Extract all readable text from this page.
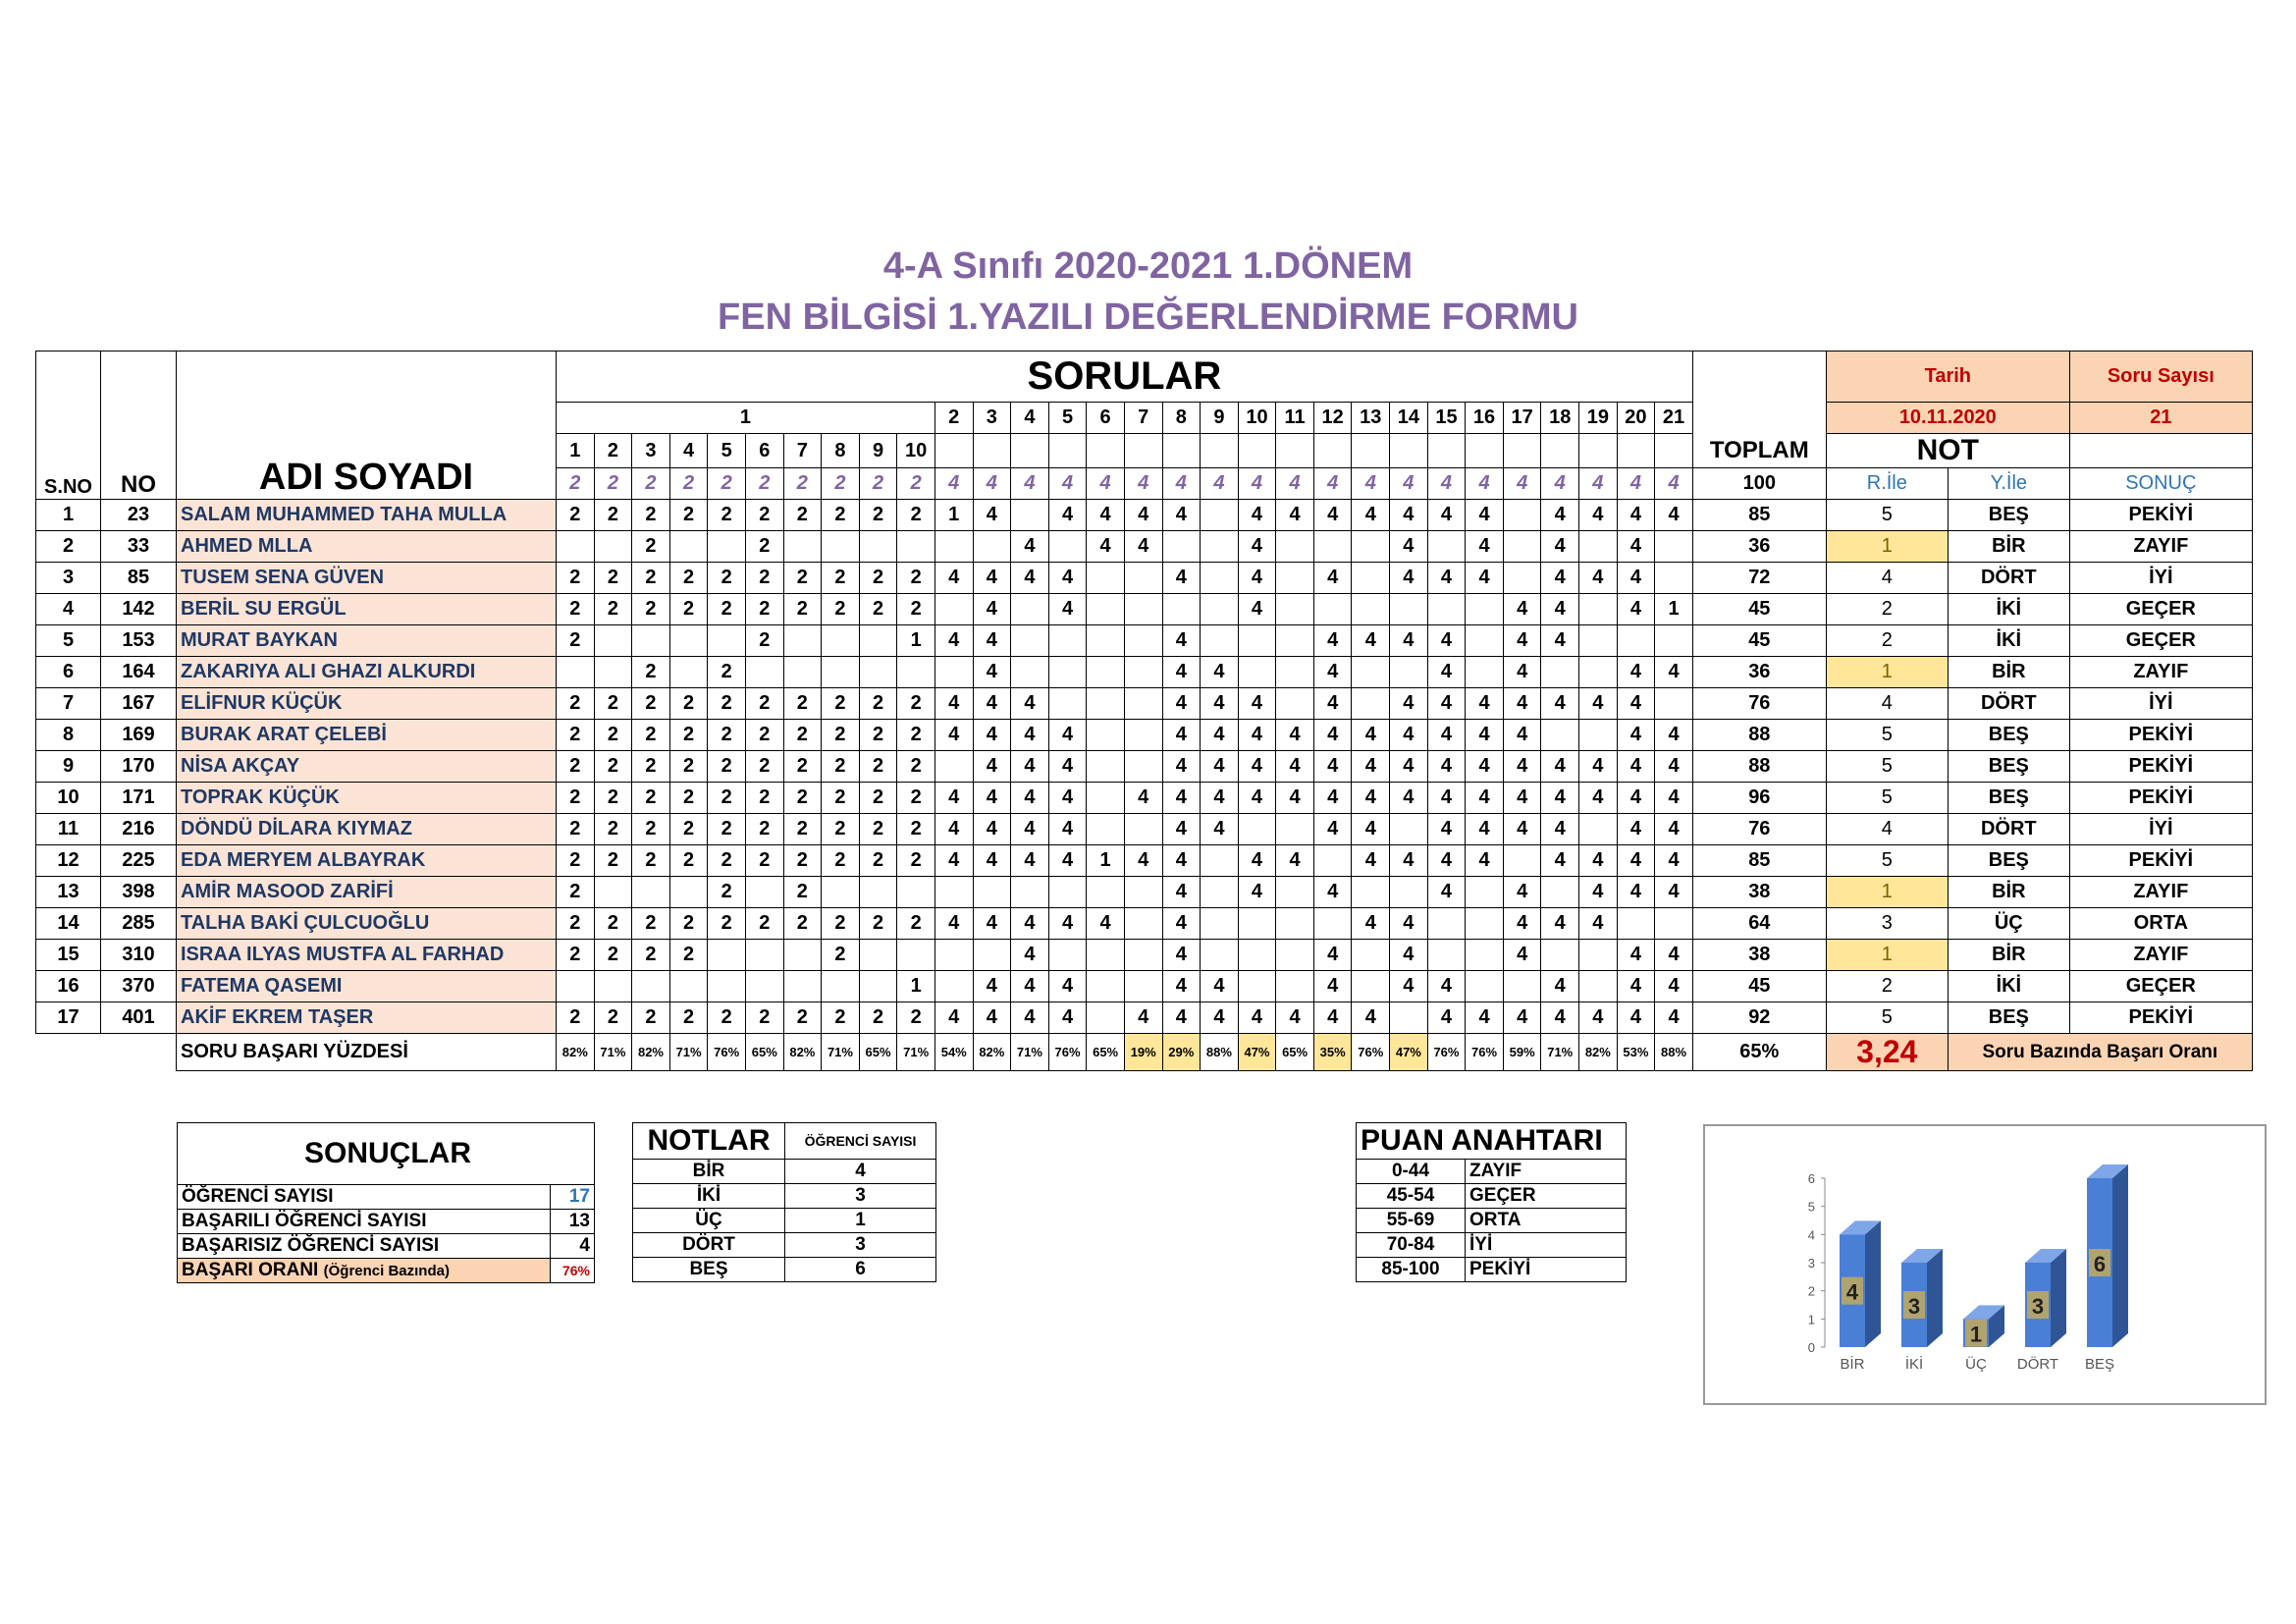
4-A Sınıfı 2020-2021 1.DÖNEM
FEN BİLGİSİ 1.YAZILI DEĞERLENDİRME FORMU
S.NO	NO	ADI SOYADI	SORULAR																															Tarih		Soru Sayısı
			1										2	3	4	5	6	7	8	9	10	11	12	13	14	15	16	17	18	19	20	21		10.11.2020		21
			1	2	3	4	5	6	7	8	9	10																					TOPLAM	NOT		
			2	2	2	2	2	2	2	2	2	2	4	4	4	4	4	4	4	4	4	4	4	4	4	4	4	4	4	4	4	4	100	R.İle	Y.İle	SONUÇ
1	23	SALAM MUHAMMED TAHA MULLA	2	2	2	2	2	2	2	2	2	2	1	4		4	4	4	4		4	4	4	4	4	4	4		4	4	4	4	85	5	BEŞ	PEKİYİ
2	33	AHMED MLLA			2			2							4		4	4			4				4		4		4		4		36	1	BİR	ZAYIF
3	85	TUSEM SENA GÜVEN	2	2	2	2	2	2	2	2	2	2	4	4	4	4			4		4		4		4	4	4		4	4	4		72	4	DÖRT	İYİ
4	142	BERİL SU ERGÜL	2	2	2	2	2	2	2	2	2	2		4		4					4							4	4		4	1	45	2	İKİ	GEÇER
5	153	MURAT BAYKAN	2					2				1	4	4					4				4	4	4	4		4	4				45	2	İKİ	GEÇER
6	164	ZAKARIYA ALI GHAZI ALKURDI			2		2							4					4	4			4			4		4			4	4	36	1	BİR	ZAYIF
7	167	ELİFNUR KÜÇÜK	2	2	2	2	2	2	2	2	2	2	4	4	4				4	4	4		4		4	4	4	4	4	4	4		76	4	DÖRT	İYİ
8	169	BURAK ARAT ÇELEBİ	2	2	2	2	2	2	2	2	2	2	4	4	4	4			4	4	4	4	4	4	4	4	4	4			4	4	88	5	BEŞ	PEKİYİ
9	170	NİSA AKÇAY	2	2	2	2	2	2	2	2	2	2		4	4	4			4	4	4	4	4	4	4	4	4	4	4	4	4	4	88	5	BEŞ	PEKİYİ
10	171	TOPRAK KÜÇÜK	2	2	2	2	2	2	2	2	2	2	4	4	4	4		4	4	4	4	4	4	4	4	4	4	4	4	4	4	4	96	5	BEŞ	PEKİYİ
11	216	DÖNDÜ DİLARA KIYMAZ	2	2	2	2	2	2	2	2	2	2	4	4	4	4			4	4			4	4		4	4	4	4		4	4	76	4	DÖRT	İYİ
12	225	EDA MERYEM ALBAYRAK	2	2	2	2	2	2	2	2	2	2	4	4	4	4	1	4	4		4	4		4	4	4	4		4	4	4	4	85	5	BEŞ	PEKİYİ
13	398	AMİR MASOOD ZARİFİ	2				2		2										4		4		4			4		4		4	4	4	38	1	BİR	ZAYIF
14	285	TALHA BAKİ ÇULCUOĞLU	2	2	2	2	2	2	2	2	2	2	4	4	4	4	4		4					4	4			4	4	4			64	3	ÜÇ	ORTA
15	310	ISRAA ILYAS MUSTFA AL FARHAD	2	2	2	2				2					4				4				4		4			4			4	4	38	1	BİR	ZAYIF
16	370	FATEMA QASEMI										1		4	4	4			4	4			4		4	4			4		4	4	45	2	İKİ	GEÇER
17	401	AKİF EKREM TAŞER	2	2	2	2	2	2	2	2	2	2	4	4	4	4		4	4	4	4	4	4	4		4	4	4	4	4	4	4	92	5	BEŞ	PEKİYİ
		SORU BAŞARI YÜZDESİ	82%	71%	82%	71%	76%	65%	82%	71%	65%	71%	54%	82%	71%	76%	65%	19%	29%	88%	47%	65%	35%	76%	47%	76%	76%	59%	71%	82%	53%	88%	65%	3,24	Soru Bazında Başarı Oranı	
SONUÇLAR	
ÖĞRENCİ SAYISI	17
BAŞARILI ÖĞRENCİ SAYISI	13
BAŞARISIZ ÖĞRENCİ SAYISI	4
BAŞARI ORANI (Öğrenci Bazında)	76%
NOTLAR	ÖĞRENCİ SAYISI
BİR	4
İKİ	3
ÜÇ	1
DÖRT	3
BEŞ	6
PUAN ANAHTARI	
0-44	ZAYIF
45-54	GEÇER
55-69	ORTA
70-84	İYİ
85-100	PEKİYİ
0
1
2
3
4
5
6
4
BİR
3
İKİ
1
ÜÇ
3
DÖRT
6
BEŞ
